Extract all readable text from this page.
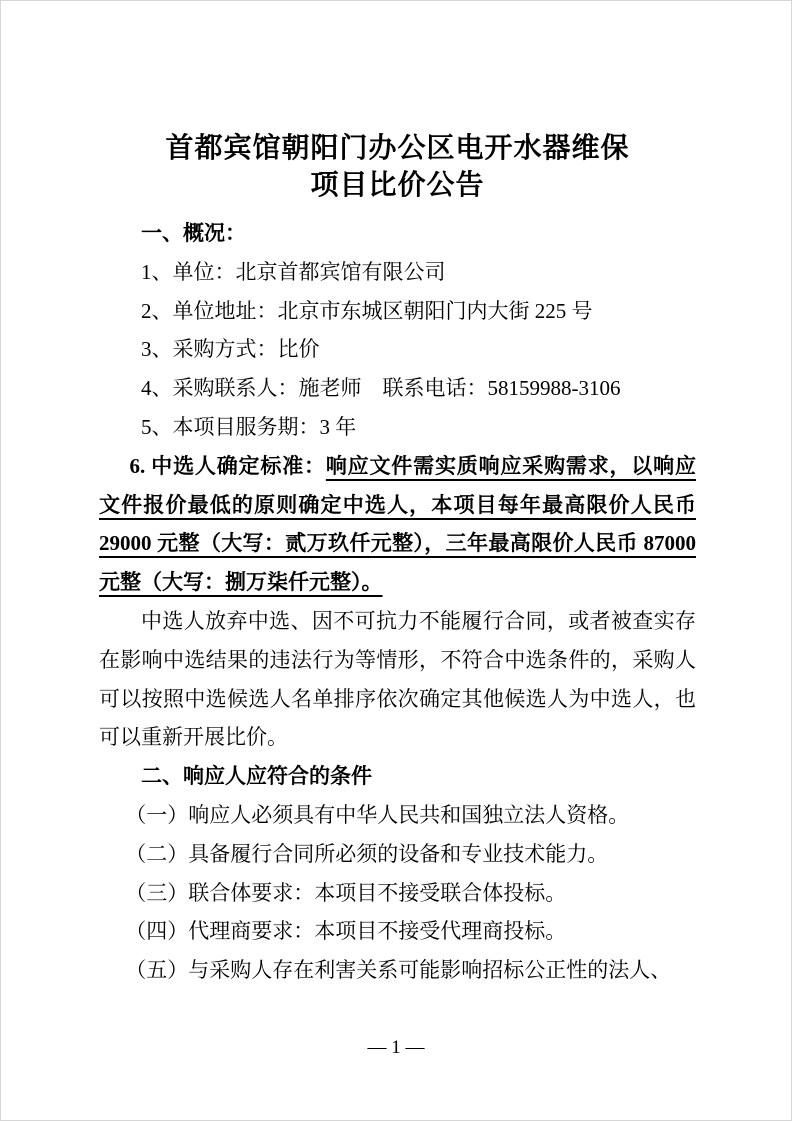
首都宾馆朝阳门办公区电开水器维保
项目比价公告
一、概况：
1、单位：北京首都宾馆有限公司
2、单位地址：北京市东城区朝阳门内大街 225 号
3、采购方式：比价
4、采购联系人：施老师　联系电话：58159988-3106
5、本项目服务期：3 年

6. 中选人确定标准：响应文件需实质响应采购需求，以响应文件报价最低的原则确定中选人，本项目每年最高限价人民币 29000 元整（大写：贰万玖仟元整），三年最高限价人民币 87000 元整（大写：捌万柒仟元整）。

中选人放弃中选、因不可抗力不能履行合同，或者被查实存在影响中选结果的违法行为等情形，不符合中选条件的，采购人可以按照中选候选人名单排序依次确定其他候选人为中选人，也可以重新开展比价。

二、响应人应符合的条件
（一）响应人必须具有中华人民共和国独立法人资格。
（二）具备履行合同所必须的设备和专业技术能力。
（三）联合体要求：本项目不接受联合体投标。
（四）代理商要求：本项目不接受代理商投标。
（五）与采购人存在利害关系可能影响招标公正性的法人、
— 1 —
